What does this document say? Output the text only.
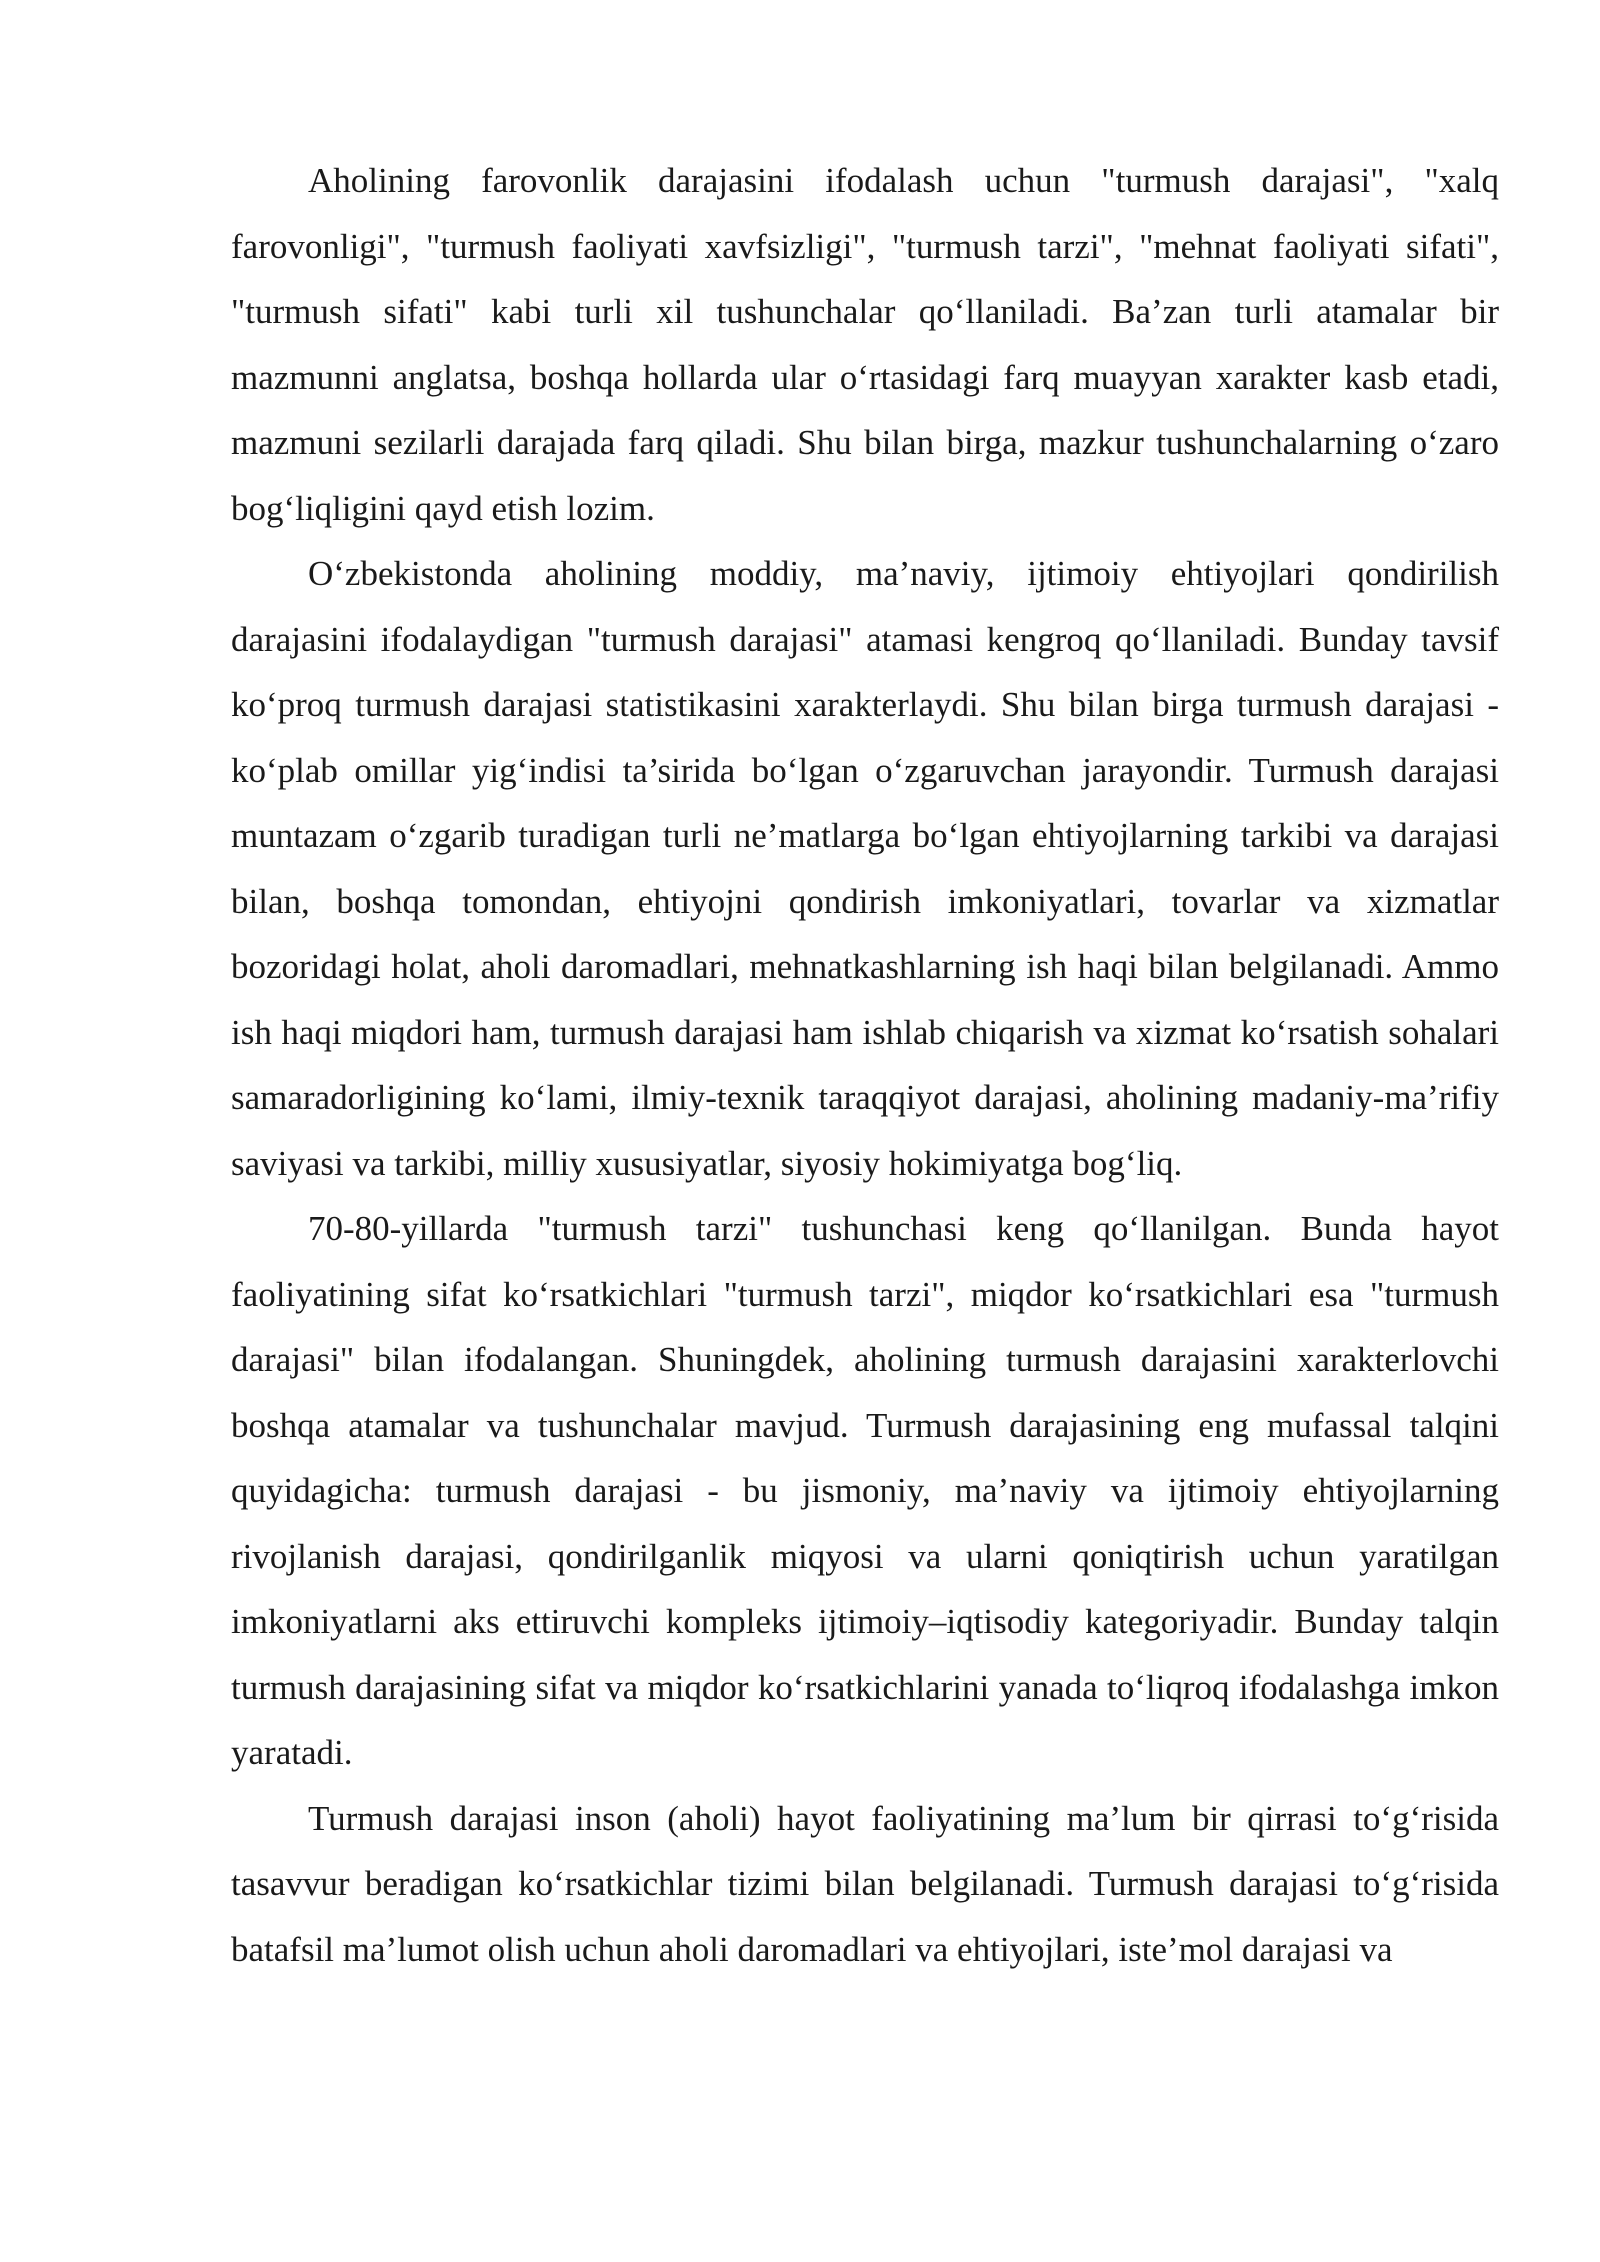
Aholining farovonlik darajasini ifodalash uchun "turmush darajasi", "xalq farovonligi", "turmush faoliyati xavfsizligi", "turmush tarzi", "mehnat faoliyati sifati", "turmush sifati" kabi turli xil tushunchalar qo‘llaniladi. Ba’zan turli atamalar bir mazmunni anglatsa, boshqa hollarda ular o‘rtasidagi farq muayyan xarakter kasb etadi, mazmuni sezilarli darajada farq qiladi. Shu bilan birga, mazkur tushunchalarning o‘zaro bog‘liqligini qayd etish lozim.

O‘zbekistonda aholining moddiy, ma’naviy, ijtimoiy ehtiyojlari qondirilish darajasini ifodalaydigan "turmush darajasi" atamasi kengroq qo‘llaniladi. Bunday tavsif ko‘proq turmush darajasi statistikasini xarakterlaydi. Shu bilan birga turmush darajasi - ko‘plab omillar yig‘indisi ta’sirida bo‘lgan o‘zgaruvchan jarayondir. Turmush darajasi muntazam o‘zgarib turadigan turli ne’matlarga bo‘lgan ehtiyojlarning tarkibi va darajasi bilan, boshqa tomondan, ehtiyojni qondirish imkoniyatlari, tovarlar va xizmatlar bozoridagi holat, aholi daromadlari, mehnatkashlarning ish haqi bilan belgilanadi. Ammo ish haqi miqdori ham, turmush darajasi ham ishlab chiqarish va xizmat ko‘rsatish sohalari samaradorligining ko‘lami, ilmiy-texnik taraqqiyot darajasi, aholining madaniy-ma’rifiy saviyasi va tarkibi, milliy xususiyatlar, siyosiy hokimiyatga bog‘liq.

70-80-yillarda "turmush tarzi" tushunchasi keng qo‘llanilgan. Bunda hayot faoliyatining sifat ko‘rsatkichlari "turmush tarzi", miqdor ko‘rsatkichlari esa "turmush darajasi" bilan ifodalangan. Shuningdek, aholining turmush darajasini xarakterlovchi boshqa atamalar va tushunchalar mavjud. Turmush darajasining eng mufassal talqini quyidagicha: turmush darajasi - bu jismoniy, ma’naviy va ijtimoiy ehtiyojlarning rivojlanish darajasi, qondirilganlik miqyosi va ularni qoniqtirish uchun yaratilgan imkoniyatlarni aks ettiruvchi kompleks ijtimoiy–iqtisodiy kategoriyadir. Bunday talqin turmush darajasining sifat va miqdor ko‘rsatkichlarini yanada to‘liqroq ifodalashga imkon yaratadi.

Turmush darajasi inson (aholi) hayot faoliyatining ma’lum bir qirrasi to‘g‘risida tasavvur beradigan ko‘rsatkichlar tizimi bilan belgilanadi. Turmush darajasi to‘g‘risida batafsil ma’lumot olish uchun aholi daromadlari va ehtiyojlari, iste’mol darajasi va
